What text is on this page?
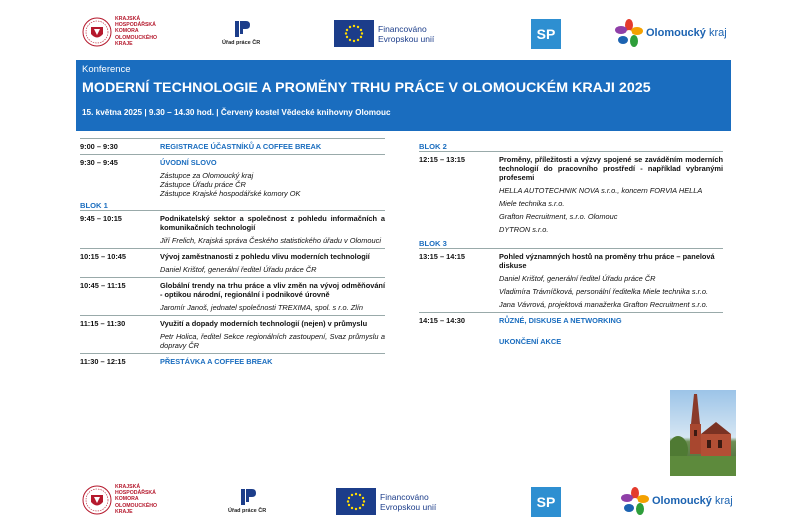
KRAJSKÁ
HOSPODÁŘSKÁ
KOMORA
OLOMOUCKÉHO
KRAJE	Úřad práce ČR
Financováno
Evropskou unií	SP	Olomoucký kraj
Konference
MODERNÍ TECHNOLOGIE A PROMĚNY TRHU PRÁCE V OLOMOUCKÉM KRAJI 2025
15. května 2025 | 9.30 – 14.30 hod. | Červený kostel Vědecké knihovny Olomouc
9:00 – 9:30	REGISTRACE ÚČASTNÍKŮ A COFFEE BREAK
9:30 – 9:45	ÚVODNÍ SLOVO

Zástupce za Olomoucký kraj

Zástupce Úřadu práce ČR

Zástupce Krajské hospodářské komory OK

BLOK 1
9:45 – 10:15	Podnikatelský sektor a společnost z pohledu informačních a komunikačních technologií

Jiří Frelich, Krajská správa Českého statistického úřadu v Olomouci

10:15 – 10:45	Vývoj zaměstnanosti z pohledu vlivu moderních technologií

Daniel Krištof, generální ředitel Úřadu práce ČR

10:45 – 11:15	Globální trendy na trhu práce a vliv změn na vývoj odměňování - optikou národní, regionální i podnikové úrovně

Jaromír Janoš, jednatel společnosti TREXIMA, spol. s r.o. Zlín

11:15 – 11:30	Využití a dopady moderních technologií (nejen) v průmyslu

Petr Holica, ředitel Sekce regionálních zastoupení, Svaz průmyslu a dopravy ČR

11:30 – 12:15	PŘESTÁVKA A COFFEE BREAK
BLOK 2
12:15 – 13:15	Proměny, příležitosti a výzvy spojené se zaváděním moderních technologií do pracovního prostředí - například vybranými profesemi

HELLA AUTOTECHNIK NOVA s.r.o., koncern FORVIA HELLA

Miele technika s.r.o.

Grafton Recruitment, s.r.o. Olomouc

DYTRON s.r.o.

BLOK 3
13:15 – 14:15	Pohled významných hostů na proměny trhu práce – panelová diskuse

Daniel Krištof, generální ředitel Úřadu práce ČR

Vladimíra Trávníčková, personální ředitelka Miele technika s.r.o.

Jana Vávrová, projektová manažerka Grafton Recruitment s.r.o.

14:15 – 14:30	RŮZNÉ, DISKUSE A NETWORKING

UKONČENÍ AKCE

KRAJSKÁ
HOSPODÁŘSKÁ
KOMORA
OLOMOUCKÉHO
KRAJE	Úřad práce ČR
Financováno
Evropskou unií	SP	Olomoucký kraj
